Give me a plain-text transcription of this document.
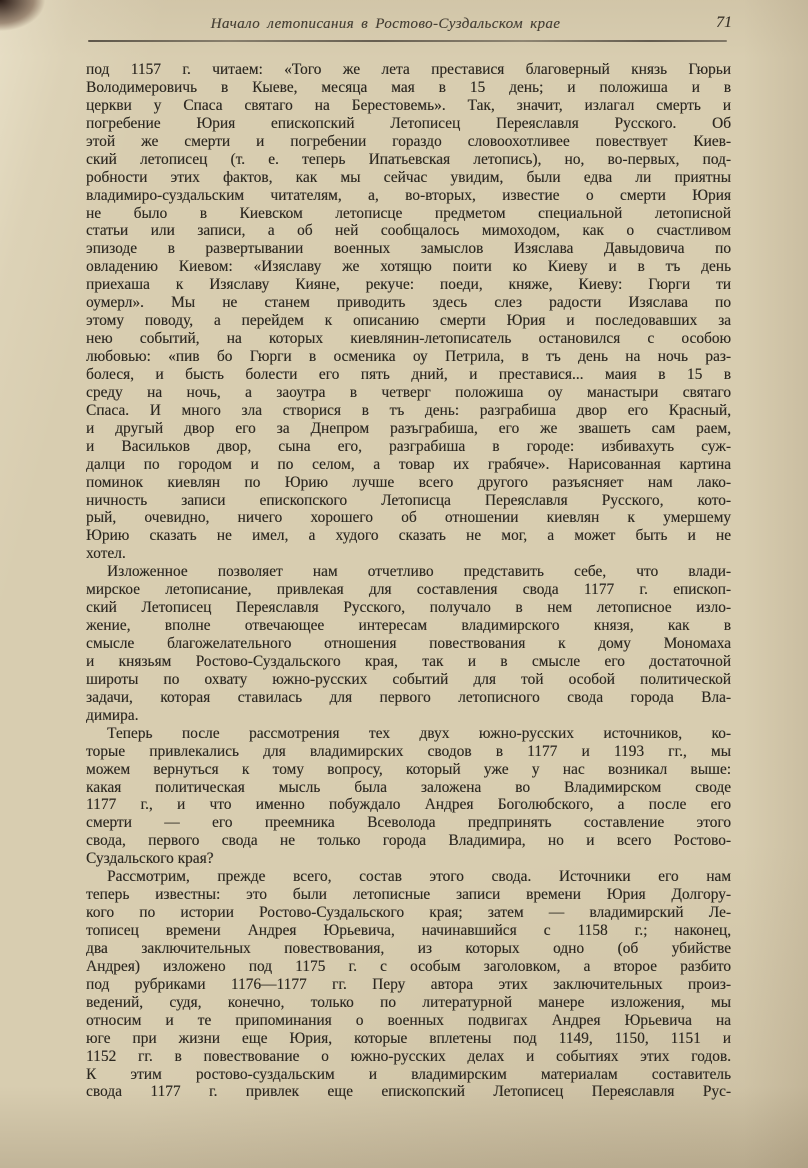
Начало летописания в Ростово-Суздальском крае	71
под 1157 г. читаем: «Того же лета преставися благоверный князь Гюрьи
Володимеровичь в Кыеве, месяца мая в 15 день; и положиша и в
церкви у Спаса святаго на Берестовемь». Так, значит, излагал смерть и
погребение Юрия епископский Летописец Переяславля Русского. Об
этой же смерти и погребении гораздо словоохотливее повествует Киев-
ский летописец (т. е. теперь Ипатьевская летопись), но, во-первых, под-
робности этих фактов, как мы сейчас увидим, были едва ли приятны
владимиро-суздальским читателям, а, во-вторых, известие о смерти Юрия
не было в Киевском летописце предметом специальной летописной
статьи или записи, а об ней сообщалось мимоходом, как о счастливом
эпизоде в развертывании военных замыслов Изяслава Давыдовича по
овладению Киевом: «Изяславу же хотящю поити ко Киеву и в тъ день
приехаша к Изяславу Кияне, рекуче: поеди, княже, Киеву: Гюрги ти
оумерл». Мы не станем приводить здесь слез радости Изяслава по
этому поводу, а перейдем к описанию смерти Юрия и последовавших за
нею событий, на которых киевлянин-летописатель остановился с особою
любовью: «пив бо Гюрги в осменика оу Петрила, в тъ день на ночь раз-
болеся, и бысть болести его пять дний, и преставися... маия в 15 в
среду на ночь, а заоутра в четверг положиша оу манастыри святаго
Спаса. И много зла створися в тъ день: разграбиша двор его Красный,
и другый двор его за Днепром разъграбиша, его же звашеть сам раем,
и Васильков двор, сына его, разграбиша в городе: избивахуть суж-
далци по городом и по селом, а товар их грабяче». Нарисованная картина
поминок киевлян по Юрию лучше всего другого разъясняет нам лако-
ничность записи епископского Летописца Переяславля Русского, кото-
рый, очевидно, ничего хорошего об отношении киевлян к умершему
Юрию сказать не имел, а худого сказать не мог, а может быть и не
хотел.
Изложенное позволяет нам отчетливо представить себе, что влади-
мирское летописание, привлекая для составления свода 1177 г. епископ-
ский Летописец Переяславля Русского, получало в нем летописное изло-
жение, вполне отвечающее интересам владимирского князя, как в
смысле благожелательного отношения повествования к дому Мономаха
и князьям Ростово-Суздальского края, так и в смысле его достаточной
широты по охвату южно-русских событий для той особой политической
задачи, которая ставилась для первого летописного свода города Вла-
димира.
Теперь после рассмотрения тех двух южно-русских источников, ко-
торые привлекались для владимирских сводов в 1177 и 1193 гг., мы
можем вернуться к тому вопросу, который уже у нас возникал выше:
какая политическая мысль была заложена во Владимирском своде
1177 г., и что именно побуждало Андрея Боголюбского, а после его
смерти — его преемника Всеволода предпринять составление этого
свода, первого свода не только города Владимира, но и всего Ростово-
Суздальского края?
Рассмотрим, прежде всего, состав этого свода. Источники его нам
теперь известны: это были летописные записи времени Юрия Долгору-
кого по истории Ростово-Суздальского края; затем — владимирский Ле-
тописец времени Андрея Юрьевича, начинавшийся с 1158 г.; наконец,
два заключительных повествования, из которых одно (об убийстве
Андрея) изложено под 1175 г. с особым заголовком, а второе разбито
под рубриками 1176—1177 гг. Перу автора этих заключительных произ-
ведений, судя, конечно, только по литературной манере изложения, мы
относим и те припоминания о военных подвигах Андрея Юрьевича на
юге при жизни еще Юрия, которые вплетены под 1149, 1150, 1151 и
1152 гг. в повествование о южно-русских делах и событиях этих годов.
К этим ростово-суздальским и владимирским материалам составитель
свода 1177 г. привлек еще епископский Летописец Переяславля Рус-
